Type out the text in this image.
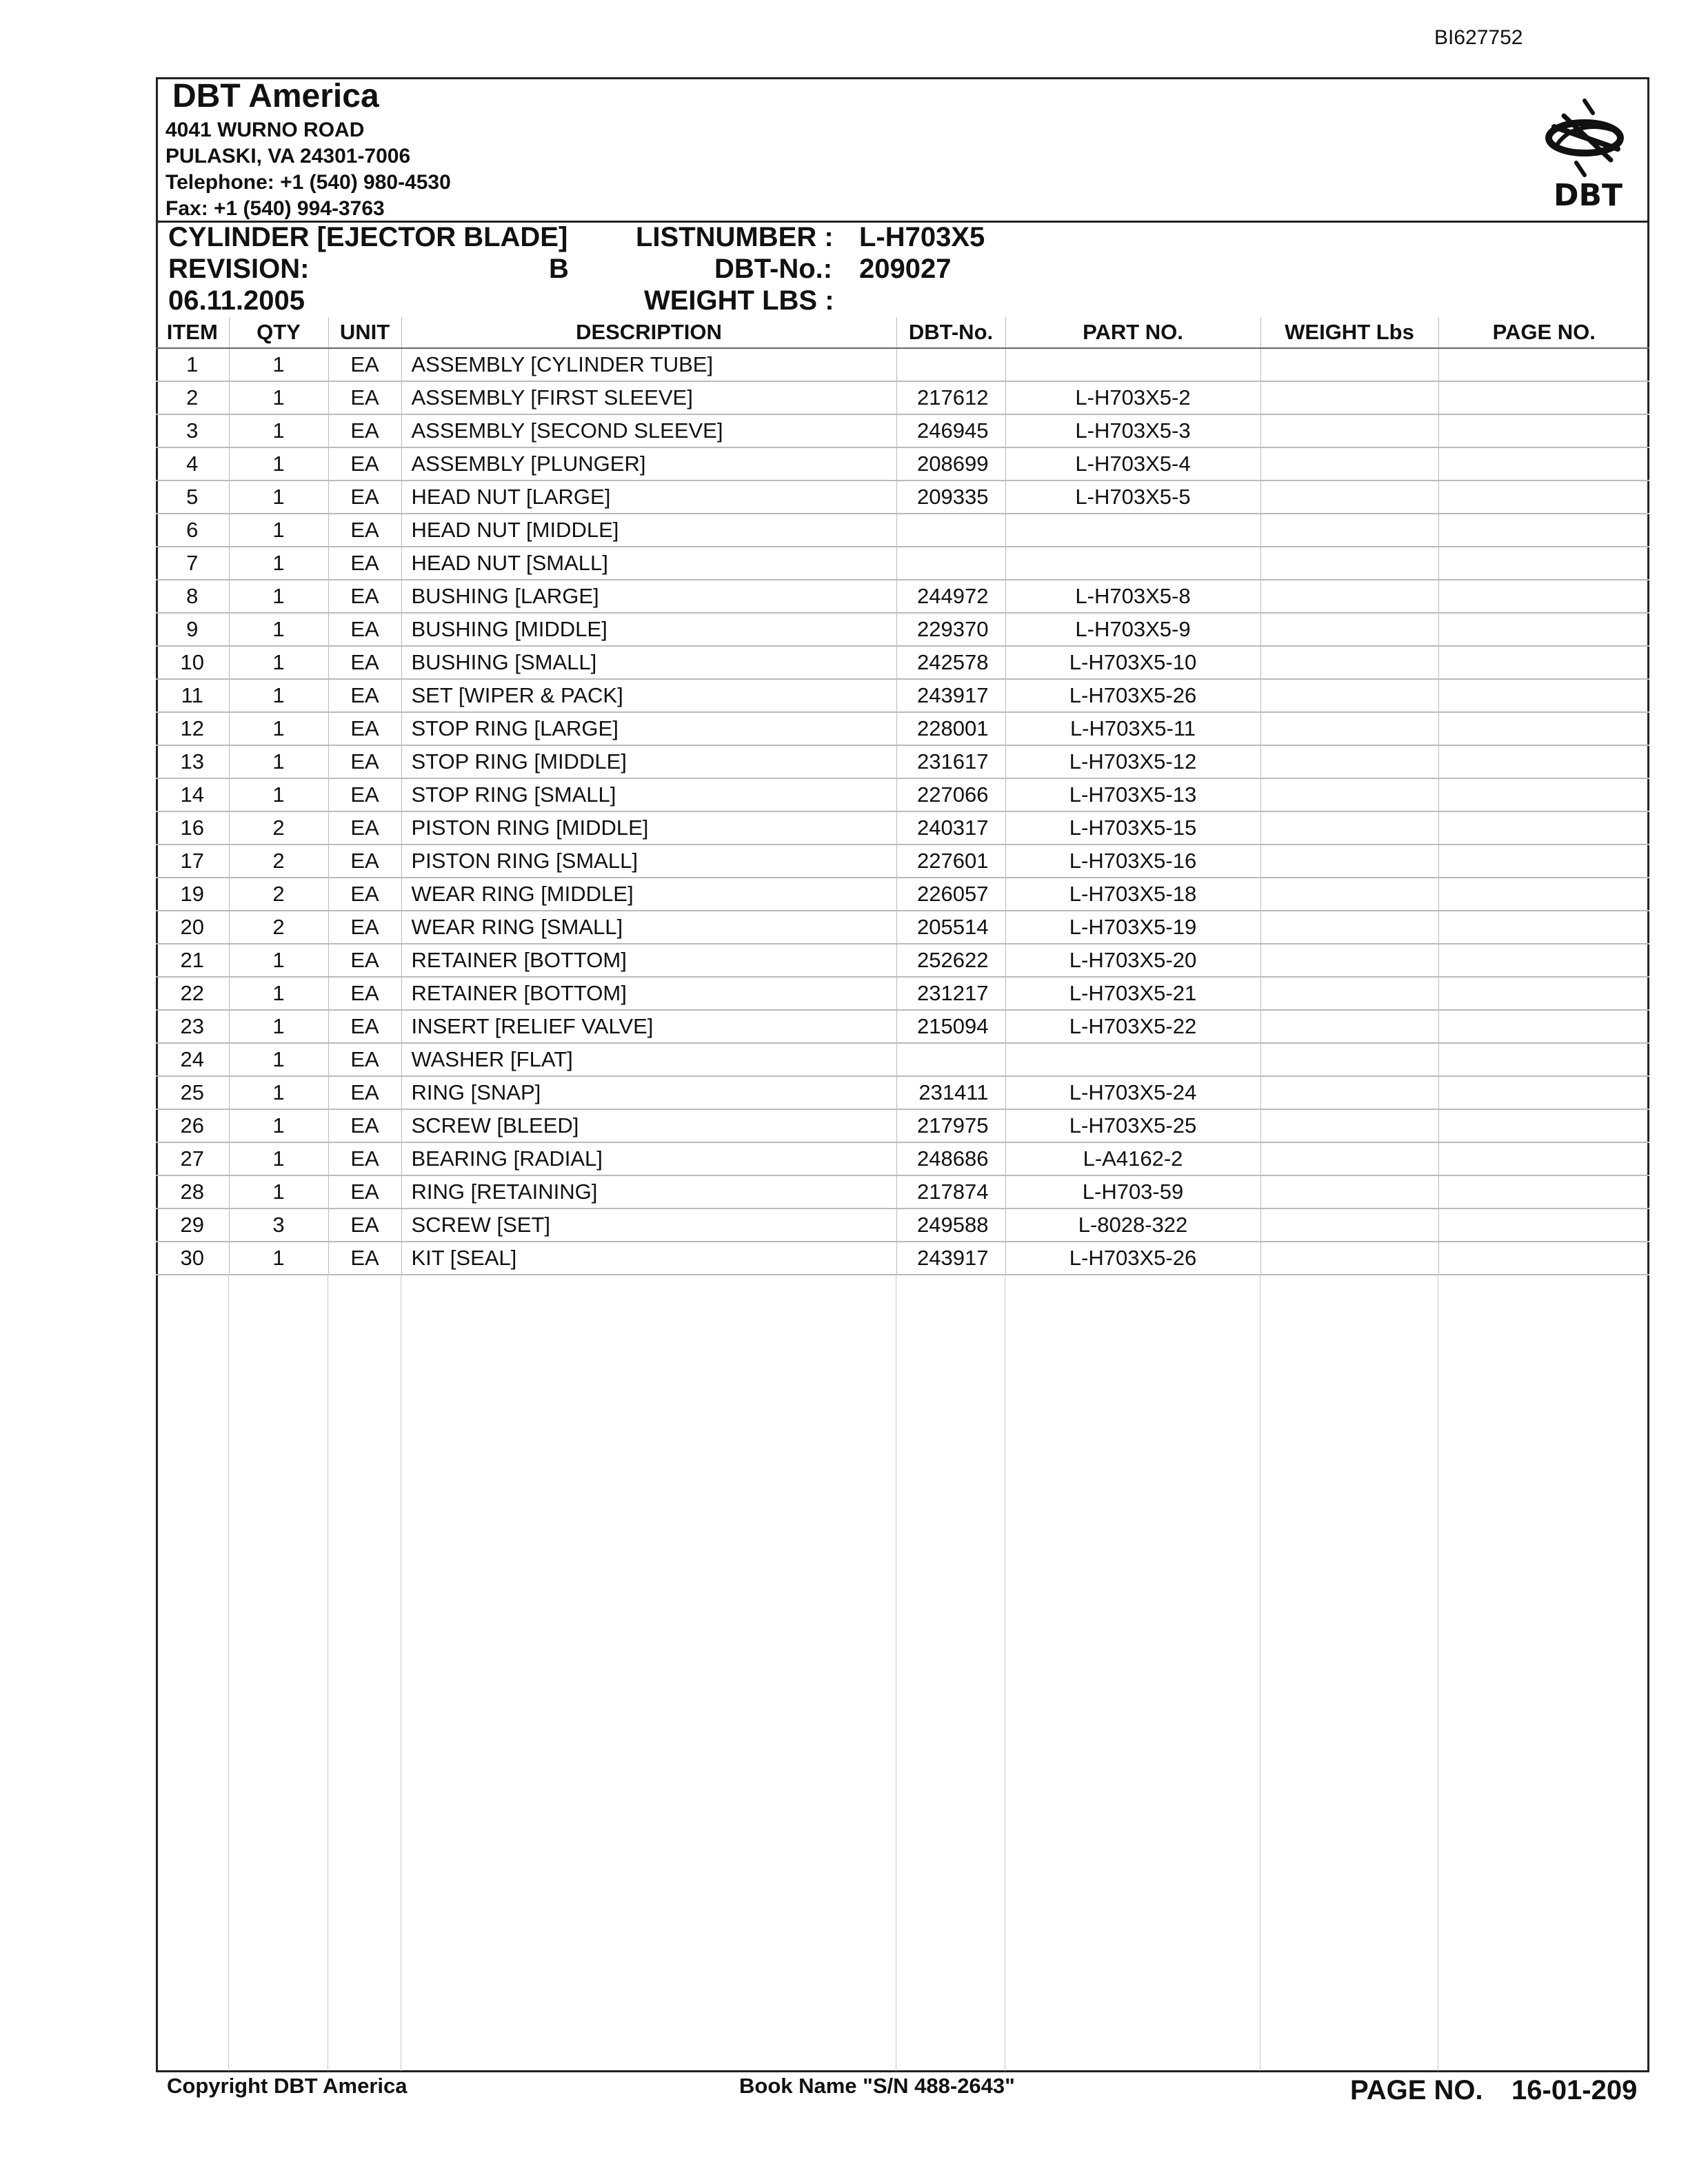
BI627752
DBT America
4041 WURNO ROAD
PULASKI, VA 24301-7006
Telephone: +1 (540) 980-4530
Fax: +1 (540) 994-3763	DBT
CYLINDER [EJECTOR BLADE]
REVISION:	B
06.11.2005
LISTNUMBER : L-H703X5
DBT-No.: 209027
WEIGHT LBS :
ITEM	QTY	UNIT	DESCRIPTION	DBT-No.	PART NO.	WEIGHT Lbs	PAGE NO.
1	1	EA	ASSEMBLY [CYLINDER TUBE]				
2	1	EA	ASSEMBLY [FIRST SLEEVE]	217612	L-H703X5-2		
3	1	EA	ASSEMBLY [SECOND SLEEVE]	246945	L-H703X5-3		
4	1	EA	ASSEMBLY [PLUNGER]	208699	L-H703X5-4		
5	1	EA	HEAD NUT [LARGE]	209335	L-H703X5-5		
6	1	EA	HEAD NUT [MIDDLE]				
7	1	EA	HEAD NUT [SMALL]				
8	1	EA	BUSHING [LARGE]	244972	L-H703X5-8		
9	1	EA	BUSHING [MIDDLE]	229370	L-H703X5-9		
10	1	EA	BUSHING [SMALL]	242578	L-H703X5-10		
11	1	EA	SET [WIPER & PACK]	243917	L-H703X5-26		
12	1	EA	STOP RING [LARGE]	228001	L-H703X5-11		
13	1	EA	STOP RING [MIDDLE]	231617	L-H703X5-12		
14	1	EA	STOP RING [SMALL]	227066	L-H703X5-13		
16	2	EA	PISTON RING [MIDDLE]	240317	L-H703X5-15		
17	2	EA	PISTON RING [SMALL]	227601	L-H703X5-16		
19	2	EA	WEAR RING [MIDDLE]	226057	L-H703X5-18		
20	2	EA	WEAR RING [SMALL]	205514	L-H703X5-19		
21	1	EA	RETAINER [BOTTOM]	252622	L-H703X5-20		
22	1	EA	RETAINER [BOTTOM]	231217	L-H703X5-21		
23	1	EA	INSERT [RELIEF VALVE]	215094	L-H703X5-22		
24	1	EA	WASHER [FLAT]				
25	1	EA	RING [SNAP]	231411	L-H703X5-24		
26	1	EA	SCREW [BLEED]	217975	L-H703X5-25		
27	1	EA	BEARING [RADIAL]	248686	L-A4162-2		
28	1	EA	RING [RETAINING]	217874	L-H703-59		
29	3	EA	SCREW [SET]	249588	L-8028-322		
30	1	EA	KIT [SEAL]	243917	L-H703X5-26		
Copyright DBT America	Book Name "S/N 488-2643"	PAGE NO. 16-01-209
